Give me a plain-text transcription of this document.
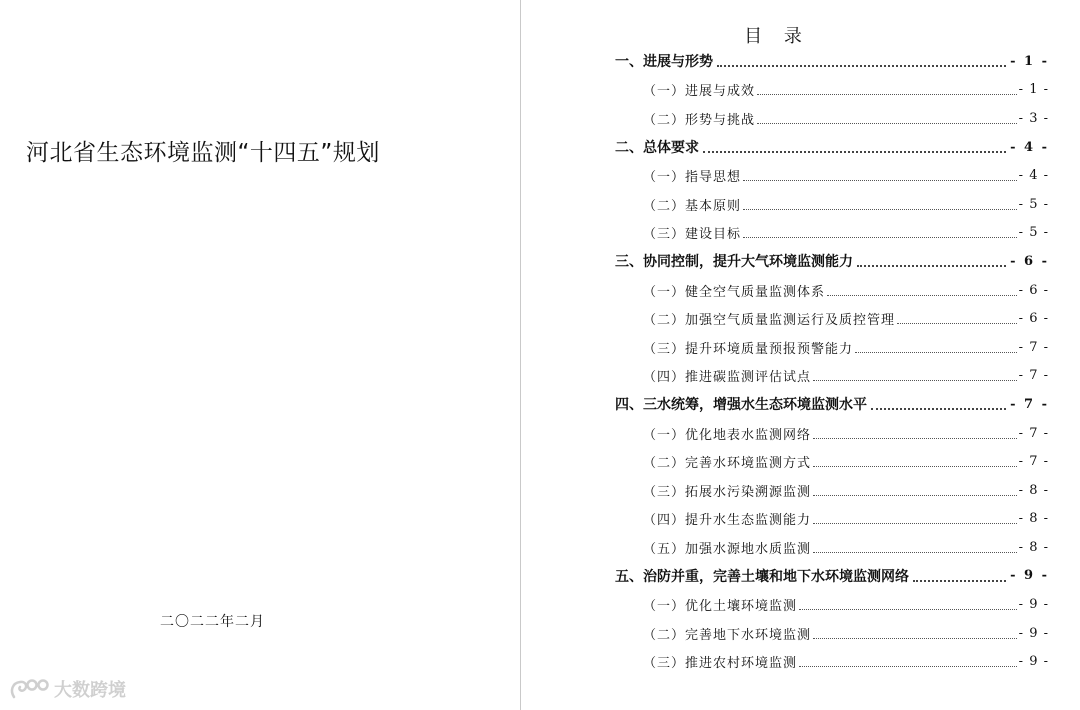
河北省生态环境监测“十四五”规划
二〇二二年二月
大数跨境
目 录
一、进展与形势	- 1 -
（一）进展与成效	- 1 -
（二）形势与挑战	- 3 -
二、总体要求	- 4 -
（一）指导思想	- 4 -
（二）基本原则	- 5 -
（三）建设目标	- 5 -
三、协同控制，提升大气环境监测能力	- 6 -
（一）健全空气质量监测体系	- 6 -
（二）加强空气质量监测运行及质控管理	- 6 -
（三）提升环境质量预报预警能力	- 7 -
（四）推进碳监测评估试点	- 7 -
四、三水统筹，增强水生态环境监测水平	- 7 -
（一）优化地表水监测网络	- 7 -
（二）完善水环境监测方式	- 7 -
（三）拓展水污染溯源监测	- 8 -
（四）提升水生态监测能力	- 8 -
（五）加强水源地水质监测	- 8 -
五、治防并重，完善土壤和地下水环境监测网络	- 9 -
（一）优化土壤环境监测	- 9 -
（二）完善地下水环境监测	- 9 -
（三）推进农村环境监测	- 9 -
